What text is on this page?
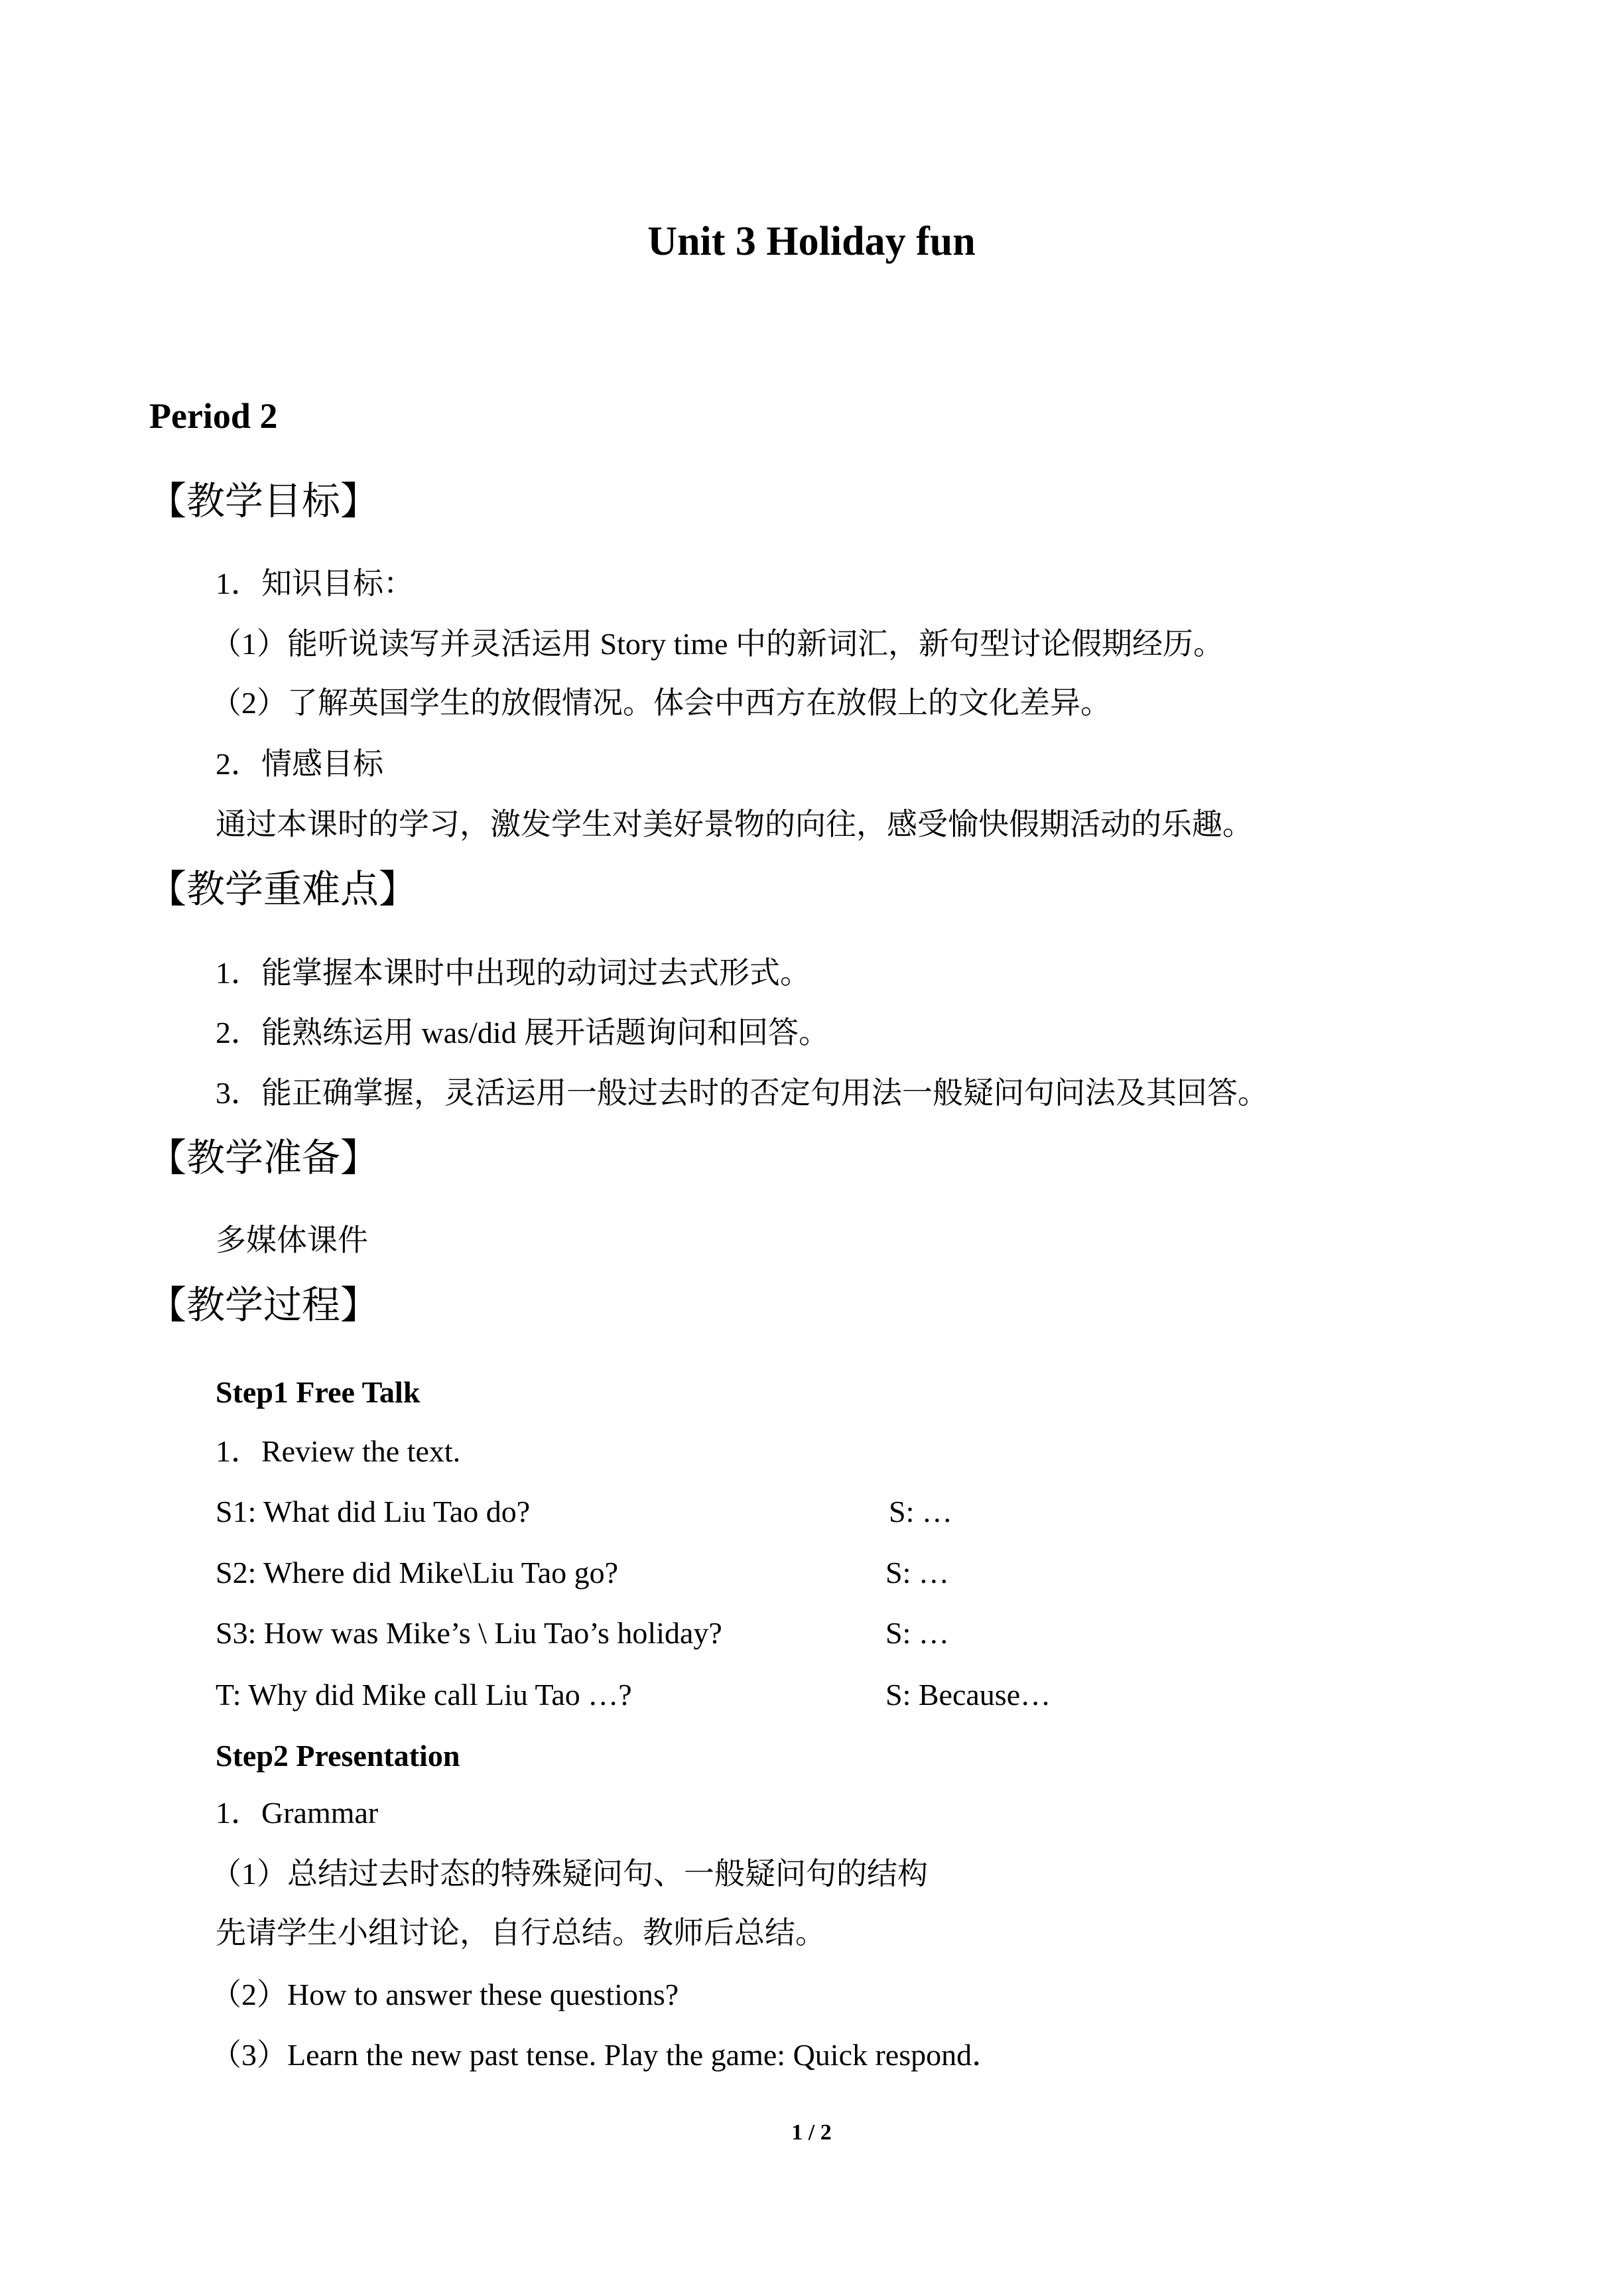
Unit 3 Holiday fun
Period 2
【教学目标】
1．知识目标：
（1）能听说读写并灵活运用 Story time 中的新词汇，新句型讨论假期经历。
（2）了解英国学生的放假情况。体会中西方在放假上的文化差异。
2．情感目标
通过本课时的学习，激发学生对美好景物的向往，感受愉快假期活动的乐趣。
【教学重难点】
1．能掌握本课时中出现的动词过去式形式。
2．能熟练运用 was/did 展开话题询问和回答。
3．能正确掌握，灵活运用一般过去时的否定句用法一般疑问句问法及其回答。
【教学准备】
多媒体课件
【教学过程】
Step1 Free Talk
1．Review the text.
S1: What did Liu Tao do?	S: …
S2: Where did Mike\Liu Tao go?	S: …
S3: How was Mike’s \ Liu Tao’s holiday?	S: …
T: Why did Mike call Liu Tao …?	S: Because…
Step2 Presentation
1．Grammar
（1）总结过去时态的特殊疑问句、一般疑问句的结构
先请学生小组讨论，自行总结。教师后总结。
（2）How to answer these questions?
（3）Learn the new past tense. Play the game: Quick respond．
1 / 2
